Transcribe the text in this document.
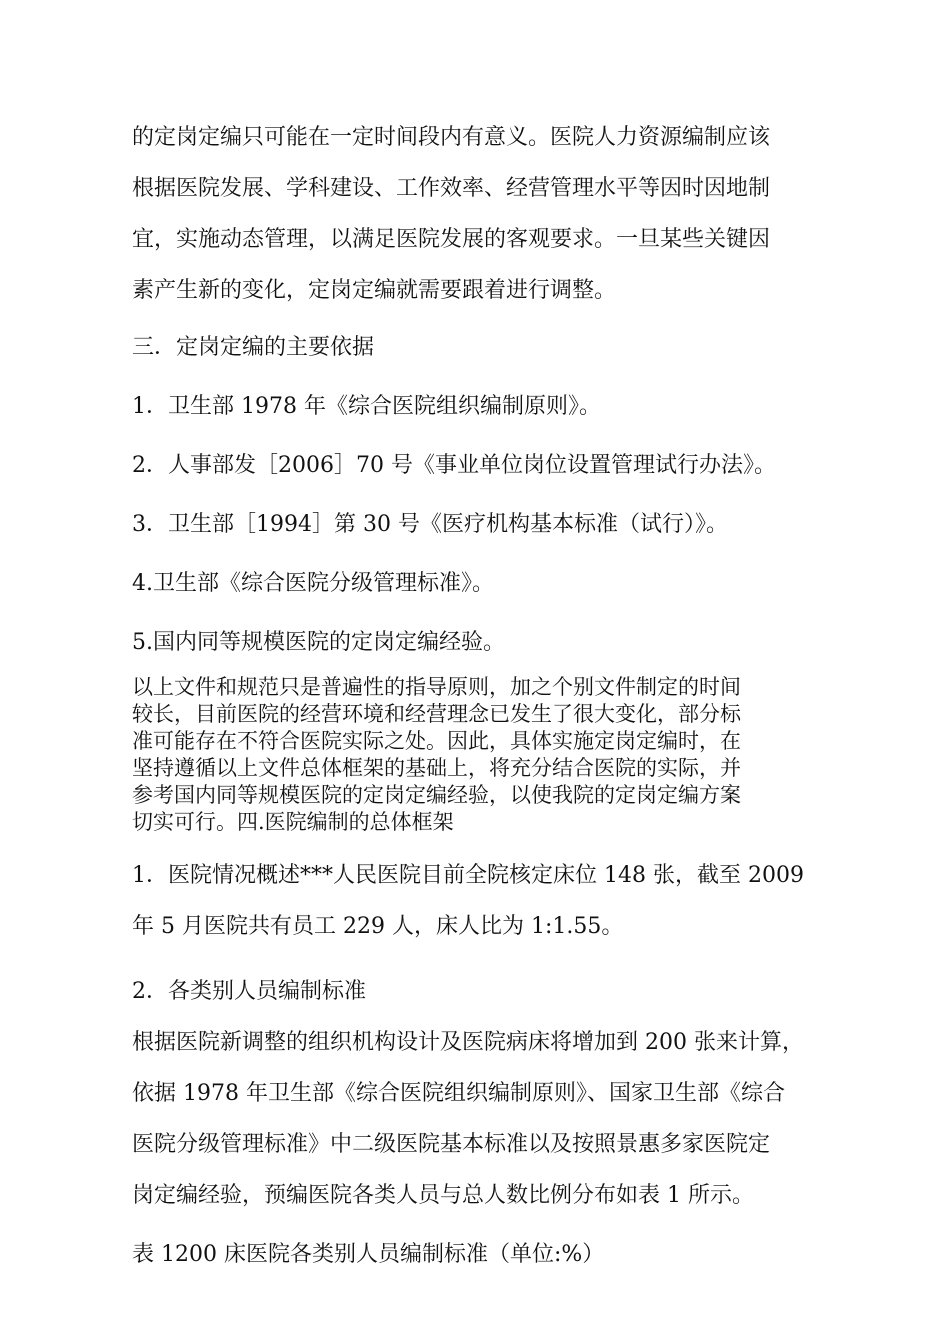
的定岗定编只可能在一定时间段内有意义。医院人力资源编制应该

根据医院发展、学科建设、工作效率、经营管理水平等因时因地制

宜，实施动态管理，以满足医院发展的客观要求。一旦某些关键因

素产生新的变化，定岗定编就需要跟着进行调整。

三．定岗定编的主要依据

1．卫生部 1978 年《综合医院组织编制原则》。

2．人事部发［2006］70 号《事业单位岗位设置管理试行办法》。

3．卫生部［1994］第 30 号《医疗机构基本标准（试行）》。

4.卫生部《综合医院分级管理标准》。

5.国内同等规模医院的定岗定编经验。

以上文件和规范只是普遍性的指导原则，加之个别文件制定的时间

较长，目前医院的经营环境和经营理念已发生了很大变化，部分标

准可能存在不符合医院实际之处。因此，具体实施定岗定编时，在

坚持遵循以上文件总体框架的基础上，将充分结合医院的实际，并

参考国内同等规模医院的定岗定编经验，以使我院的定岗定编方案

切实可行。四.医院编制的总体框架

1．医院情况概述***人民医院目前全院核定床位 148 张，截至 2009

年 5 月医院共有员工 229 人，床人比为 1:1.55。

2．各类别人员编制标准

根据医院新调整的组织机构设计及医院病床将增加到 200 张来计算，

依据 1978 年卫生部《综合医院组织编制原则》、国家卫生部《综合

医院分级管理标准》中二级医院基本标准以及按照景惠多家医院定

岗定编经验，预编医院各类人员与总人数比例分布如表 1 所示。

表 1200 床医院各类别人员编制标准（单位:%）
